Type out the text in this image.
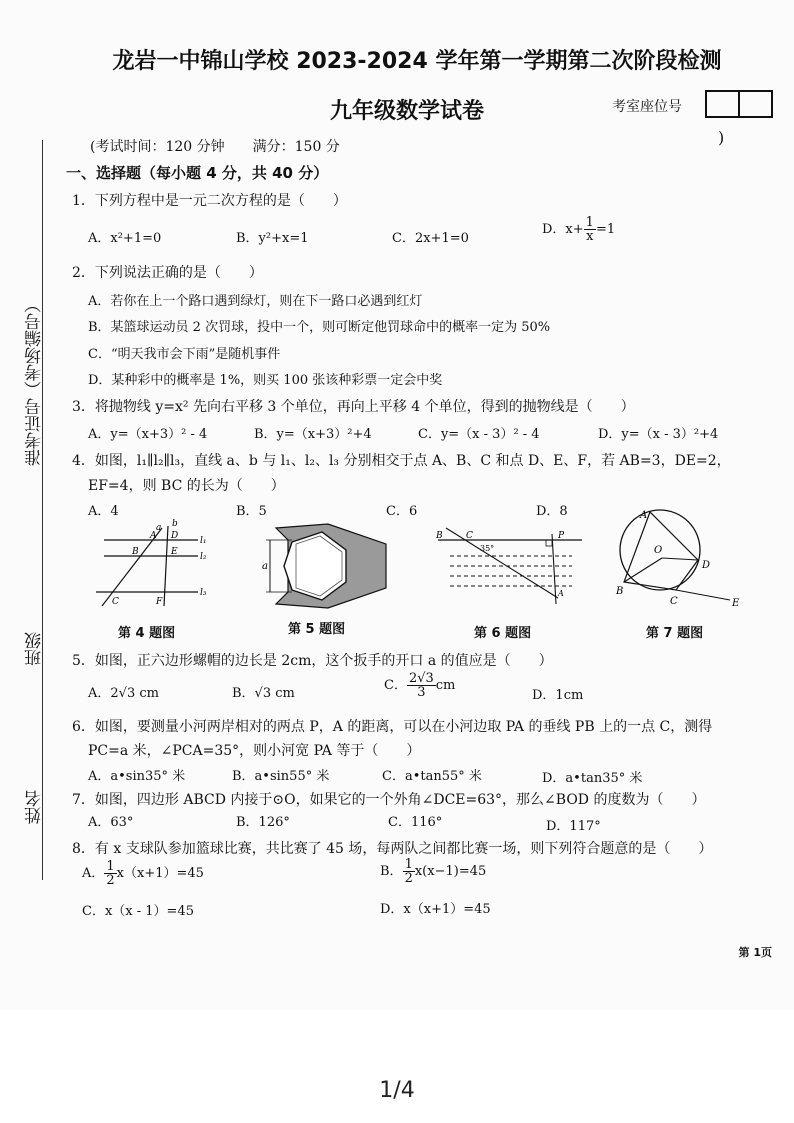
准考证号（考场编号）
班级
姓名
龙岩一中锦山学校 2023-2024 学年第一学期第二次阶段检测
九年级数学试卷	考室座位号
)
(考试时间：120 分钟　　满分：150 分
一、选择题（每小题 4 分，共 40 分）
1．下列方程中是一元二次方程的是（　　）
A．x²+1=0	B．y²+x=1	C．2x+1=0
D．$x+ \frac{1}{x} =1$
2．下列说法正确的是（　　）
A．若你在上一个路口遇到绿灯，则在下一路口必遇到红灯
B．某篮球运动员 2 次罚球，投中一个，则可断定他罚球命中的概率一定为 50%
C．“明天我市会下雨”是随机事件
D．某种彩中的概率是 1%，则买 100 张该种彩票一定会中奖
3．将抛物线 y=x² 先向右平移 3 个单位，再向上平移 4 个单位，得到的抛物线是（　　）
A．y=（x+3）² - 4	B．y=（x+3）²+4	C．y=（x - 3）² - 4	D．y=（x - 3）²+4
4．如图，l₁∥l₂∥l₃，直线 a、b 与 l₁、l₂、l₃ 分别相交于点 A、B、C 和点 D、E、F，若 AB=3，DE=2，
EF=4，则 BC 的长为（　　）
A．4	B．5	C．6	D．8
A
a b
D l₁
B	E l₂
C	F
l₃
第 4 题图
a
第 5 题图
B	C
35°
P
A
第 6 题图
A
O
D
B
C	E
第 7 题图
5．如图，正六边形螺帽的边长是 2cm，这个扳手的开口 a 的值应是（　　）
A．2√3 cm	B．√3 cm
C． $\frac{2√3}{3}$ cm
D．1cm
6．如图，要测量小河两岸相对的两点 P，A 的距离，可以在小河边取 PA 的垂线 PB 上的一点 C，测得
PC=a 米，∠PCA=35°，则小河宽 PA 等于（　　）
A．a•sin35° 米	B．a•sin55° 米	C．a•tan55° 米	D．a•tan35° 米
7．如图，四边形 ABCD 内接于⊙O，如果它的一个外角∠DCE=63°，那么∠BOD 的度数为（　　）
A．63°	B．126°	C．116°	D．117°
8．有 x 支球队参加篮球比赛，共比赛了 45 场，每两队之间都比赛一场，则下列符合题意的是（　　）
A． $\frac{1}{2} x(x+1)=45$	B． $\frac{1}{2} x(x-1)=45$
C．x（x - 1）=45	D．x（x+1）=45
第 1页
1/4
